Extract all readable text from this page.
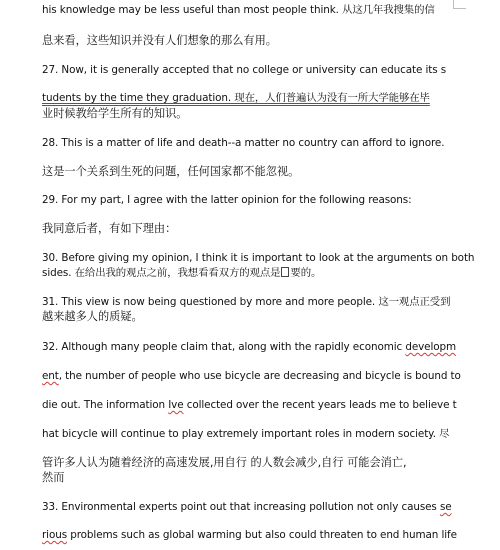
his knowledge may be less useful than most people think. 从这几年我搜集的信
息来看，这些知识并没有人们想象的那么有用。
27. Now, it is generally accepted that no college or university can educate its s
tudents by the time they graduation. 现在，人们普遍认为没有一所大学能够在毕
业时候教给学生所有的知识。
28. This is a matter of life and death--a matter no country can afford to ignore.
这是一个关系到生死的问题，任何国家都不能忽视。
29. For my part, I agree with the latter opinion for the following reasons:
我同意后者，有如下理由：
30. Before giving my opinion, I think it is important to look at the arguments on both
sides. 在给出我的观点之前，我想看看双方的观点是 要的。
31. This view is now being questioned by more and more people. 这一观点正受到
越来越多人的质疑。
32. Although many people claim that, along with the rapidly economic developm
ent, the number of people who use bicycle are decreasing and bicycle is bound to
die out. The information Ive collected over the recent years leads me to believe t
hat bicycle will continue to play extremely important roles in modern society. 尽
管许多人认为随着经济的高速发展,用自行 的人数会减少,自行 可能会消亡,
然而
33. Environmental experts point out that increasing pollution not only causes se
rious problems such as global warming but also could threaten to end human life
